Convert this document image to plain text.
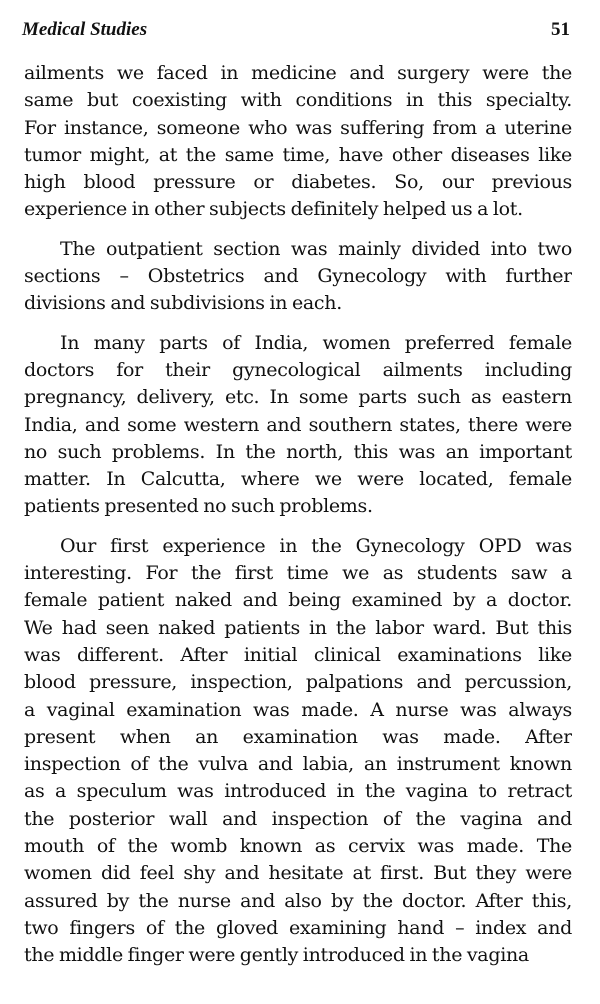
Medical Studies	51

ailments we faced in medicine and surgery were the
same but coexisting with conditions in this specialty.
For instance, someone who was suffering from a uterine
tumor might, at the same time, have other diseases like
high blood pressure or diabetes. So, our previous
experience in other subjects definitely helped us a lot.

The outpatient section was mainly divided into two
sections – Obstetrics and Gynecology with further
divisions and subdivisions in each.

In many parts of India, women preferred female
doctors for their gynecological ailments including
pregnancy, delivery, etc. In some parts such as eastern
India, and some western and southern states, there were
no such problems. In the north, this was an important
matter. In Calcutta, where we were located, female
patients presented no such problems.

Our first experience in the Gynecology OPD was
interesting. For the first time we as students saw a
female patient naked and being examined by a doctor.
We had seen naked patients in the labor ward. But this
was different. After initial clinical examinations like
blood pressure, inspection, palpations and percussion,
a vaginal examination was made. A nurse was always
present when an examination was made. After
inspection of the vulva and labia, an instrument known
as a speculum was introduced in the vagina to retract
the posterior wall and inspection of the vagina and
mouth of the womb known as cervix was made. The
women did feel shy and hesitate at first. But they were
assured by the nurse and also by the doctor. After this,
two fingers of the gloved examining hand – index and
the middle finger were gently introduced in the vagina
